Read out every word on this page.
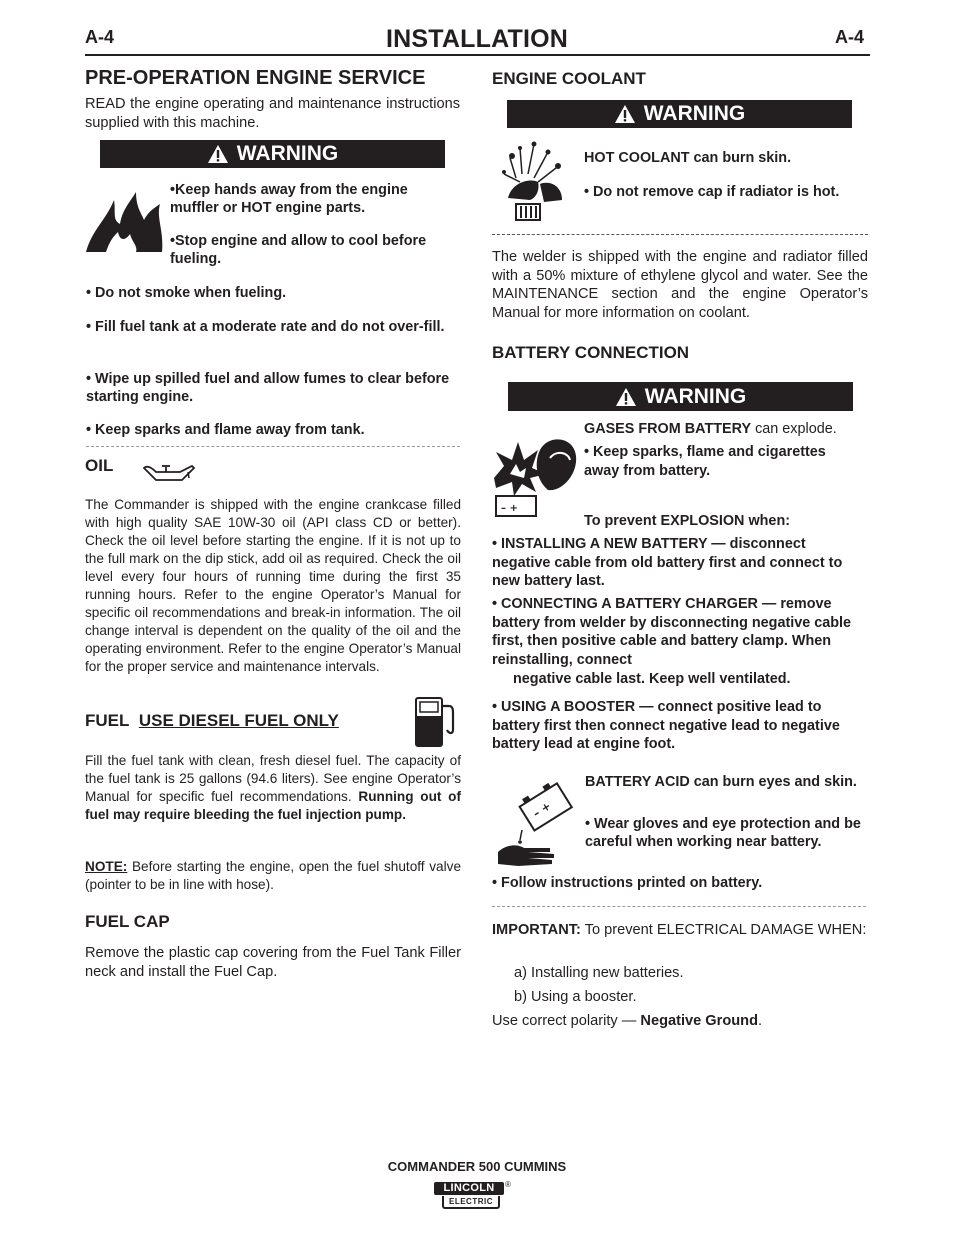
A-4	INSTALLATION	A-4
PRE-OPERATION ENGINE SERVICE
READ the engine operating and maintenance instructions supplied with this machine.
WARNING
•Keep hands away from the engine muffler or HOT engine parts.
•Stop engine and allow to cool before fueling.
• Do not smoke when fueling.
• Fill fuel tank at a moderate rate and do not over-fill.
• Wipe up spilled fuel and allow fumes to clear before starting engine.
• Keep sparks and flame away from tank.
OIL
The Commander is shipped with the engine crankcase filled with high quality SAE 10W-30 oil (API class CD or better). Check the oil level before starting the engine. If it is not up to the full mark on the dip stick, add oil as required. Check the oil level every four hours of running time during the first 35 running hours. Refer to the engine Operator’s Manual for specific oil recommendations and break-in information. The oil change interval is dependent on the quality of the oil and the operating environment. Refer to the engine Operator’s Manual for the proper service and maintenance intervals.
FUEL USE DIESEL FUEL ONLY
Fill the fuel tank with clean, fresh diesel fuel. The capacity of the fuel tank is 25 gallons (94.6 liters). See engine Operator’s Manual for specific fuel recommendations. Running out of fuel may require bleeding the fuel injection pump.
NOTE: Before starting the engine, open the fuel shutoff valve (pointer to be in line with hose).
FUEL CAP
Remove the plastic cap covering from the Fuel Tank Filler neck and install the Fuel Cap.
ENGINE COOLANT
WARNING
HOT COOLANT can burn skin.
• Do not remove cap if radiator is hot.
The welder is shipped with the engine and radiator filled with a 50% mixture of ethylene glycol and water. See the MAINTENANCE section and the engine Operator’s Manual for more information on coolant.
BATTERY CONNECTION
WARNING
– +
GASES FROM BATTERY can explode.
• Keep sparks, flame and cigarettes away from battery.
To prevent EXPLOSION when:
• INSTALLING A NEW BATTERY — disconnect negative cable from old battery first and connect to new battery last.
• CONNECTING A BATTERY CHARGER — remove battery from welder by disconnecting negative cable first, then positive cable and battery clamp. When reinstalling, connect
negative cable last. Keep well ventilated.
• USING A BOOSTER — connect positive lead to battery first then connect negative lead to negative battery lead at engine foot.
– +
BATTERY ACID can burn eyes and skin.
• Wear gloves and eye protection and be careful when working near battery.
• Follow instructions printed on battery.
IMPORTANT: To prevent ELECTRICAL DAMAGE WHEN:
a) Installing new batteries.
b) Using a booster.
Use correct polarity — Negative Ground.
COMMANDER 500 CUMMINS
LINCOLN	®
ELECTRIC
